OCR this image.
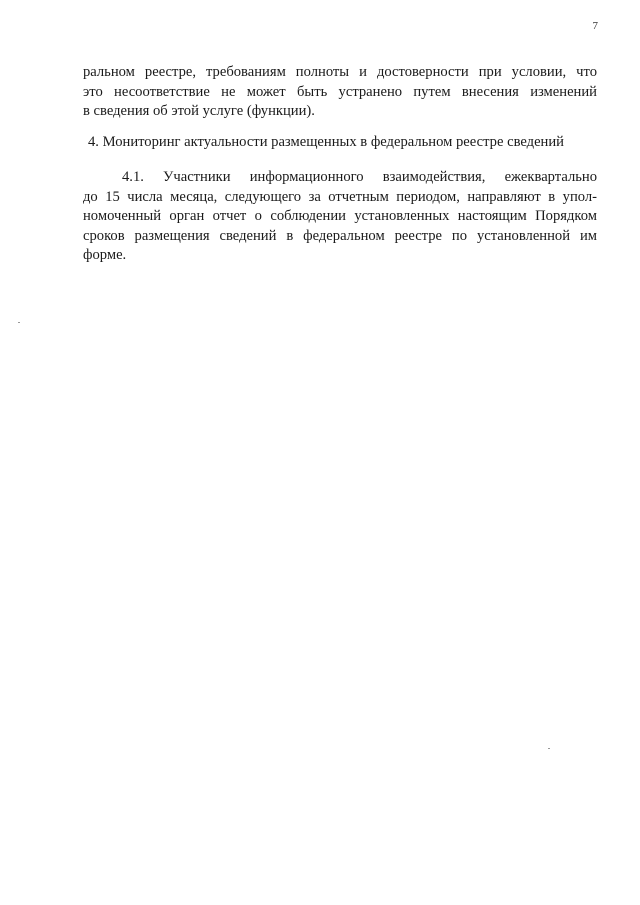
7
ральном реестре, требованиям полноты и достоверности при условии, что
это несоответствие не может быть устранено путем внесения изменений
в сведения об этой услуге (функции).
4. Мониторинг актуальности размещенных в федеральном реестре сведений
4.1. Участники информационного взаимодействия, ежеквартально
до 15 числа месяца, следующего за отчетным периодом, направляют в упол-
номоченный орган отчет о соблюдении установленных настоящим Порядком
сроков размещения сведений в федеральном реестре по установленной им
форме.
